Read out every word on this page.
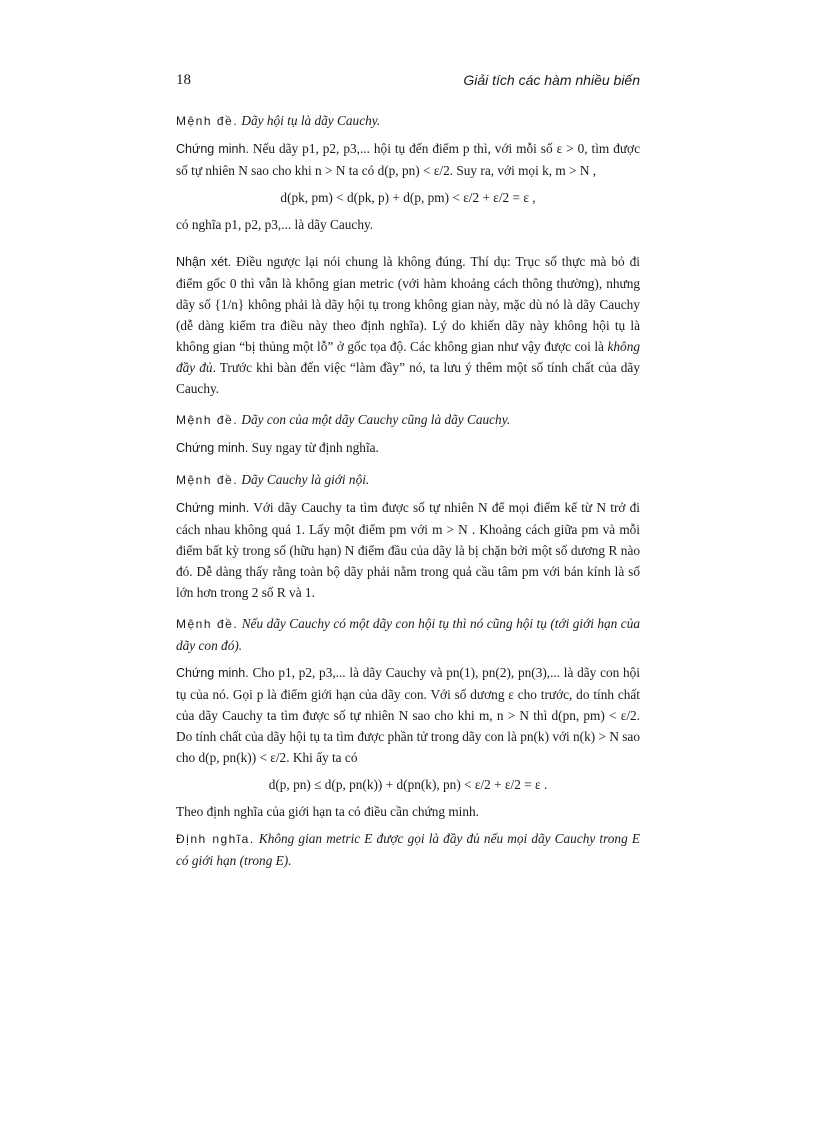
18	Giải tích các hàm nhiều biến

Mệnh đề. Dãy hội tụ là dãy Cauchy.

Chứng minh. Nếu dãy p1, p2, p3,... hội tụ đến điểm p thì, với mỗi số ε > 0, tìm được số tự nhiên N sao cho khi n > N ta có d(p, pn) < ε/2. Suy ra, với mọi k, m > N ,

d(pk, pm) < d(pk, p) + d(p, pm) < ε/2 + ε/2 = ε ,

có nghĩa p1, p2, p3,... là dãy Cauchy.

Nhận xét. Điều ngược lại nói chung là không đúng. Thí dụ: Trục số thực mà bỏ đi điểm gốc 0 thì vẫn là không gian metric (với hàm khoảng cách thông thường), nhưng dãy số {1/n} không phải là dãy hội tụ trong không gian này, mặc dù nó là dãy Cauchy (dễ dàng kiểm tra điều này theo định nghĩa). Lý do khiến dãy này không hội tụ là không gian “bị thủng một lỗ” ở gốc tọa độ. Các không gian như vậy được coi là không đầy đủ. Trước khi bàn đến việc “làm đầy” nó, ta lưu ý thêm một số tính chất của dãy Cauchy.

Mệnh đề. Dãy con của một dãy Cauchy cũng là dãy Cauchy.

Chứng minh. Suy ngay từ định nghĩa.

Mệnh đề. Dãy Cauchy là giới nội.

Chứng minh. Với dãy Cauchy ta tìm được số tự nhiên N để mọi điểm kể từ N trở đi cách nhau không quá 1. Lấy một điểm pm với m > N . Khoảng cách giữa pm và mỗi điểm bất kỳ trong số (hữu hạn) N điểm đầu của dãy là bị chặn bởi một số dương R nào đó. Dễ dàng thấy rằng toàn bộ dãy phải nằm trong quả cầu tâm pm với bán kính là số lớn hơn trong 2 số R và 1.

Mệnh đề. Nếu dãy Cauchy có một dãy con hội tụ thì nó cũng hội tụ (tới giới hạn của dãy con đó).

Chứng minh. Cho p1, p2, p3,... là dãy Cauchy và pn(1), pn(2), pn(3),... là dãy con hội tụ của nó. Gọi p là điểm giới hạn của dãy con. Với số dương ε cho trước, do tính chất của dãy Cauchy ta tìm được số tự nhiên N sao cho khi m, n > N thì d(pn, pm) < ε/2. Do tính chất của dãy hội tụ ta tìm được phần tử trong dãy con là pn(k) với n(k) > N sao cho d(p, pn(k)) < ε/2. Khi ấy ta có

d(p, pn) ≤ d(p, pn(k)) + d(pn(k), pn) < ε/2 + ε/2 = ε .

Theo định nghĩa của giới hạn ta có điều cần chứng minh.

Định nghĩa. Không gian metric E được gọi là đầy đủ nếu mọi dãy Cauchy trong E có giới hạn (trong E).
